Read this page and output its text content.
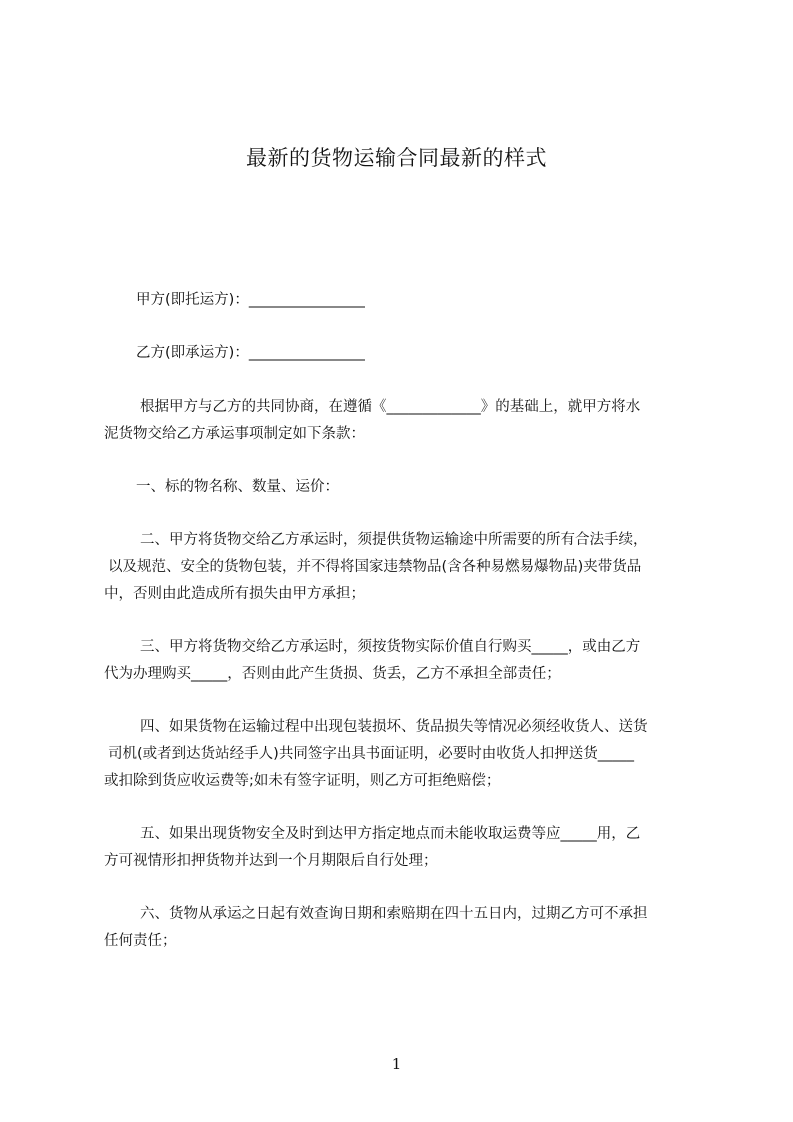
最新的货物运输合同最新的样式
甲方(即托运方)：________________
乙方(即承运方)：________________
根据甲方与乙方的共同协商，在遵循《_____________》的基础上，就甲方将水
泥货物交给乙方承运事项制定如下条款：
一、标的物名称、数量、运价：
二、甲方将货物交给乙方承运时，须提供货物运输途中所需要的所有合法手续，
以及规范、安全的货物包装，并不得将国家违禁物品(含各种易燃易爆物品)夹带货品
中，否则由此造成所有损失由甲方承担；
三、甲方将货物交给乙方承运时，须按货物实际价值自行购买_____，或由乙方
代为办理购买_____，否则由此产生货损、货丢，乙方不承担全部责任；
四、如果货物在运输过程中出现包装损坏、货品损失等情况必须经收货人、送货
司机(或者到达货站经手人)共同签字出具书面证明，必要时由收货人扣押送货_____
或扣除到货应收运费等;如未有签字证明，则乙方可拒绝赔偿；
五、如果出现货物安全及时到达甲方指定地点而未能收取运费等应_____用，乙
方可视情形扣押货物并达到一个月期限后自行处理；
六、货物从承运之日起有效查询日期和索赔期在四十五日内，过期乙方可不承担
任何责任；
1
